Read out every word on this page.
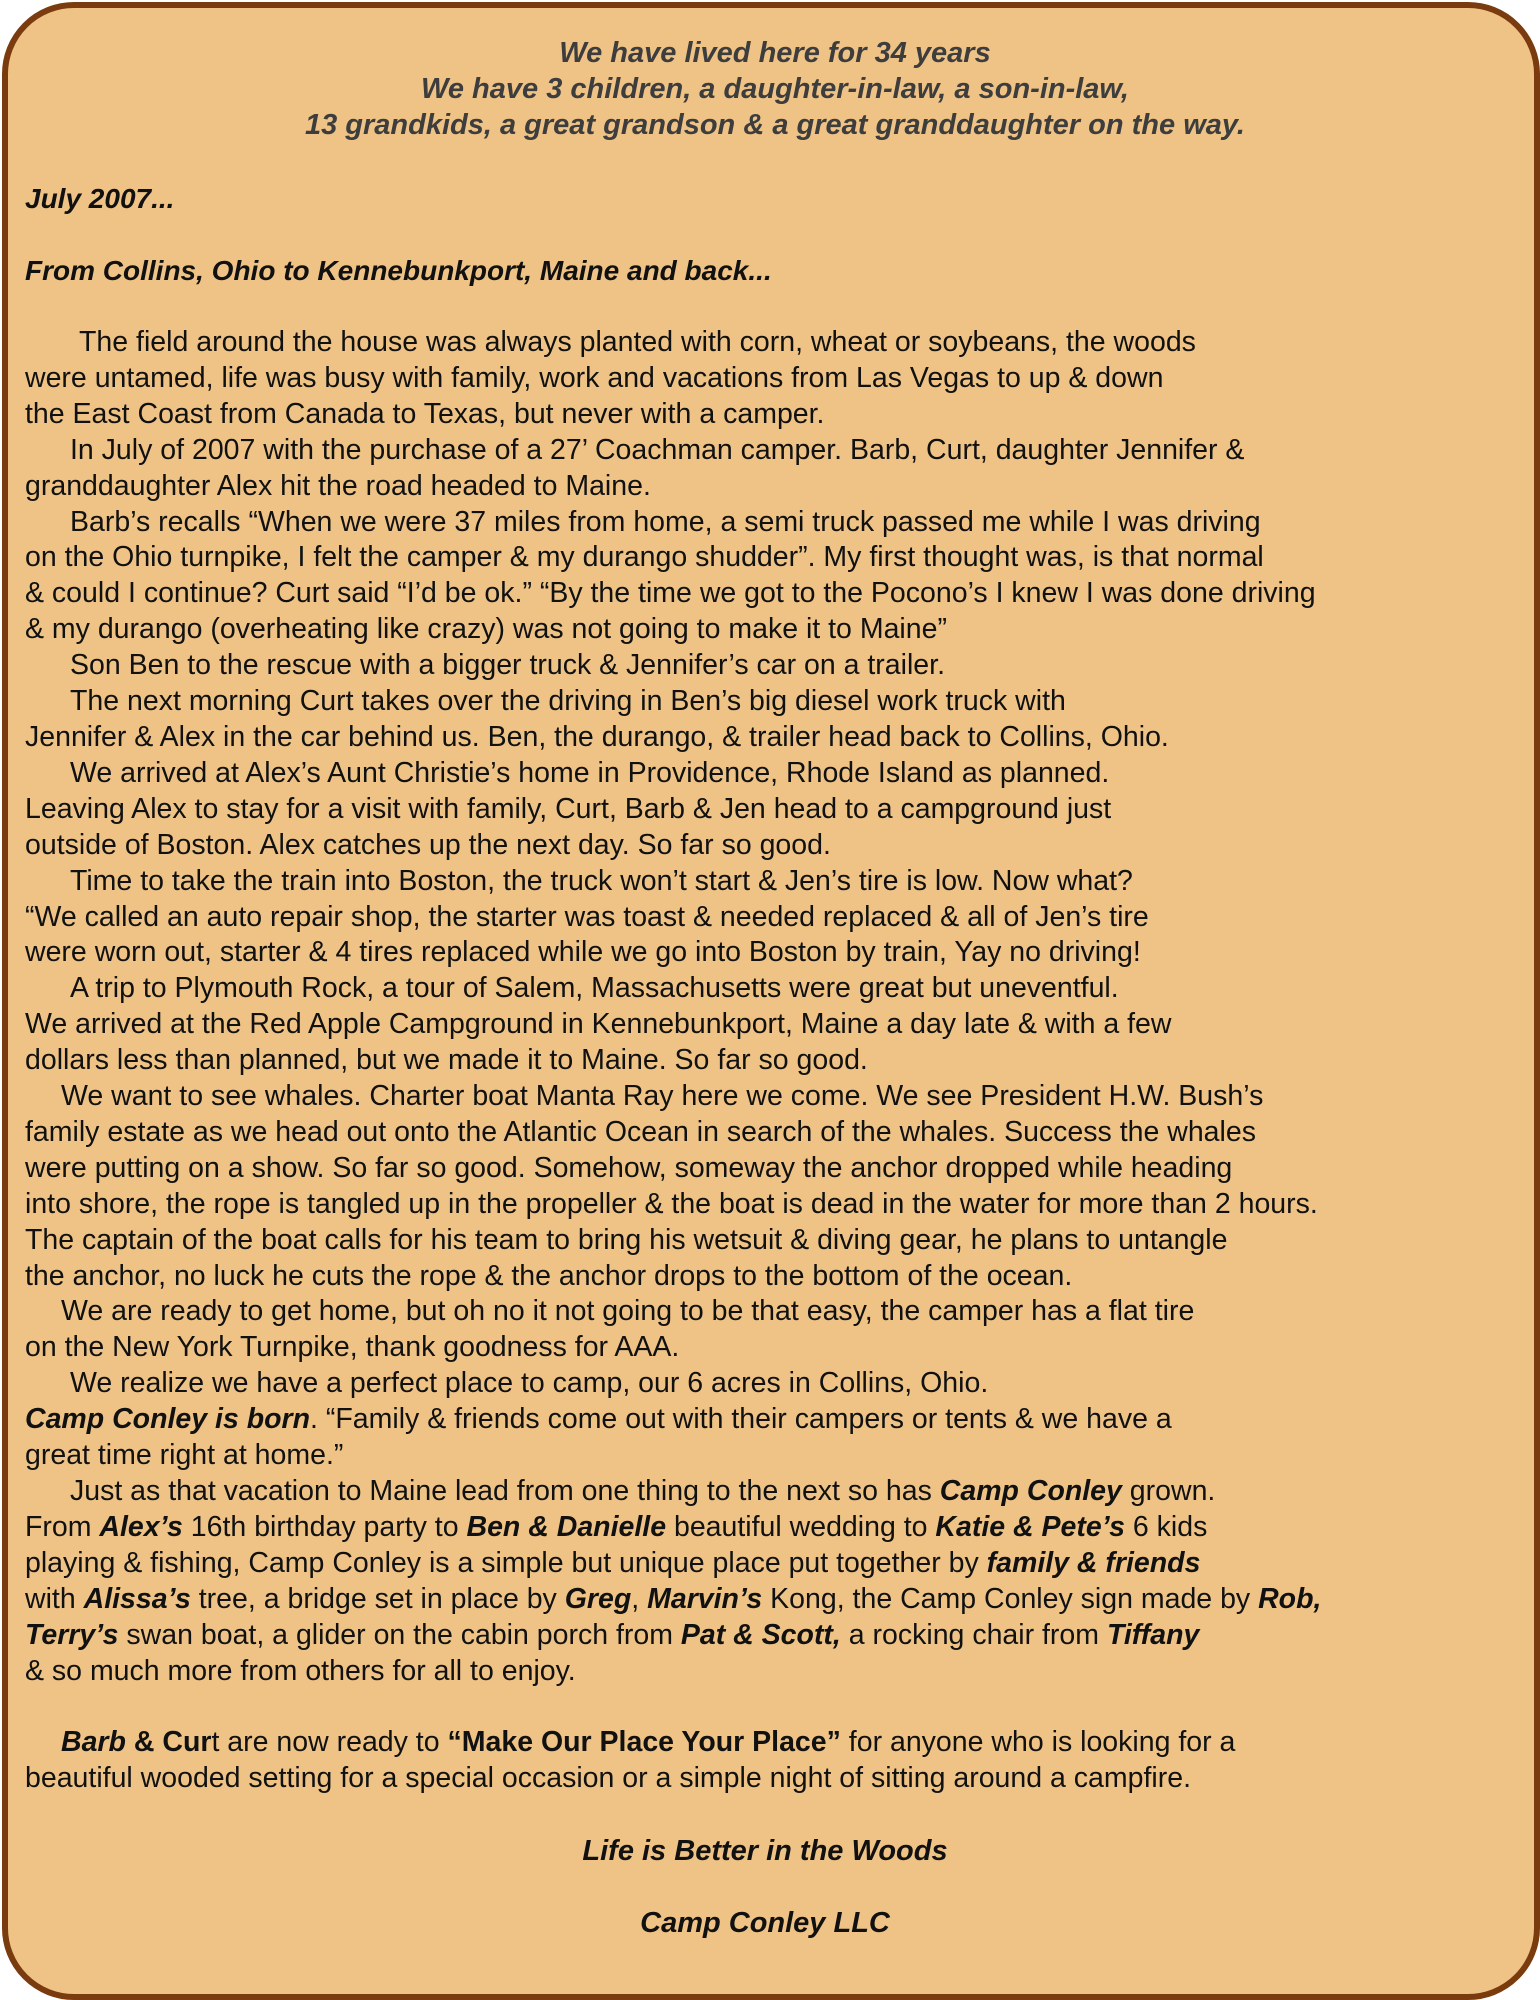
We have lived here for 34 years
We have 3 children, a daughter-in-law, a son-in-law,
13 grandkids, a great grandson & a great granddaughter on the way.
July 2007...
From Collins, Ohio to Kennebunkport, Maine and back...
The field around the house was always planted with corn, wheat or soybeans, the woods
were untamed, life was busy with family, work and vacations from Las Vegas to up & down
the East Coast from Canada to Texas, but never with a camper.
In July of 2007 with the purchase of a 27’ Coachman camper. Barb, Curt, daughter Jennifer &
granddaughter Alex hit the road headed to Maine.
Barb’s recalls “When we were 37 miles from home, a semi truck passed me while I was driving
on the Ohio turnpike, I felt the camper & my durango shudder”. My first thought was, is that normal
& could I continue? Curt said “I’d be ok.” “By the time we got to the Pocono’s I knew I was done driving
& my durango (overheating like crazy) was not going to make it to Maine”
Son Ben to the rescue with a bigger truck & Jennifer’s car on a trailer.
The next morning Curt takes over the driving in Ben’s big diesel work truck with
Jennifer & Alex in the car behind us. Ben, the durango, & trailer head back to Collins, Ohio.
We arrived at Alex’s Aunt Christie’s home in Providence, Rhode Island as planned.
Leaving Alex to stay for a visit with family, Curt, Barb & Jen head to a campground just
outside of Boston. Alex catches up the next day. So far so good.
Time to take the train into Boston, the truck won’t start & Jen’s tire is low. Now what?
“We called an auto repair shop, the starter was toast & needed replaced & all of Jen’s tire
were worn out, starter & 4 tires replaced while we go into Boston by train, Yay no driving!
A trip to Plymouth Rock, a tour of Salem, Massachusetts were great but uneventful.
We arrived at the Red Apple Campground in Kennebunkport, Maine a day late & with a few
dollars less than planned, but we made it to Maine. So far so good.
We want to see whales. Charter boat Manta Ray here we come. We see President H.W. Bush’s
family estate as we head out onto the Atlantic Ocean in search of the whales. Success the whales
were putting on a show. So far so good. Somehow, someway the anchor dropped while heading
into shore, the rope is tangled up in the propeller & the boat is dead in the water for more than 2 hours.
The captain of the boat calls for his team to bring his wetsuit & diving gear, he plans to untangle
the anchor, no luck he cuts the rope & the anchor drops to the bottom of the ocean.
We are ready to get home, but oh no it not going to be that easy, the camper has a flat tire
on the New York Turnpike, thank goodness for AAA.
We realize we have a perfect place to camp, our 6 acres in Collins, Ohio.
Camp Conley is born. “Family & friends come out with their campers or tents & we have a
great time right at home.”
Just as that vacation to Maine lead from one thing to the next so has Camp Conley grown.
From Alex’s 16th birthday party to Ben & Danielle beautiful wedding to Katie & Pete’s 6 kids
playing & fishing, Camp Conley is a simple but unique place put together by family & friends
with Alissa’s tree, a bridge set in place by Greg, Marvin’s Kong, the Camp Conley sign made by Rob,
Terry’s swan boat, a glider on the cabin porch from Pat & Scott, a rocking chair from Tiffany
& so much more from others for all to enjoy.
Barb & Curt are now ready to “Make Our Place Your Place” for anyone who is looking for a
beautiful wooded setting for a special occasion or a simple night of sitting around a campfire.
Life is Better in the Woods
Camp Conley LLC
